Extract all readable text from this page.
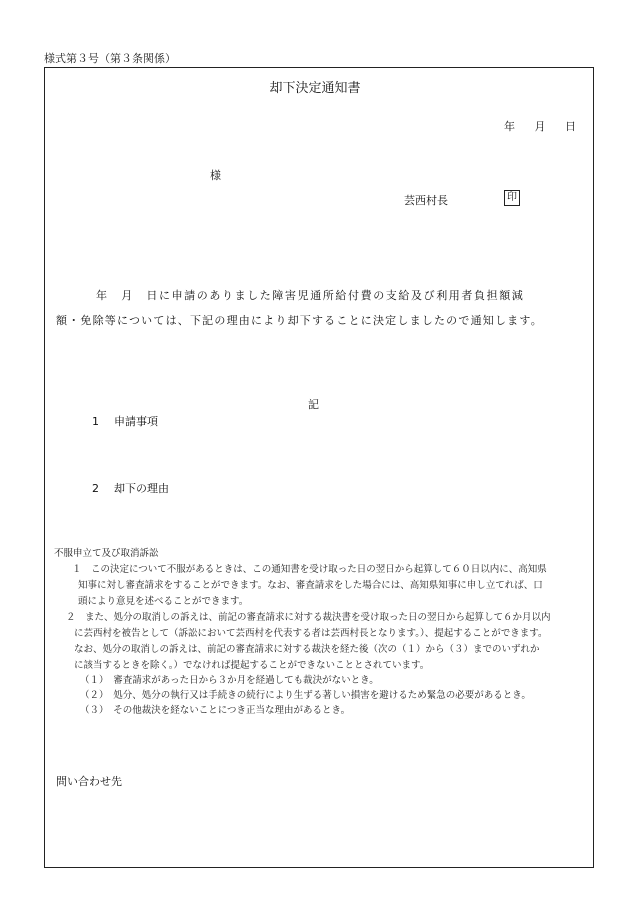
様式第３号（第３条関係）
却下決定通知書
年 月 日
様
芸西村長	印
年　月　日に申請のありました障害児通所給付費の支給及び利用者負担額減
額・免除等については、下記の理由により却下することに決定しましたので通知します。
記
1 申請事項
2 却下の理由
不服申立て及び取消訴訟
１　この決定について不服があるときは、この通知書を受け取った日の翌日から起算して６０日以内に、高知県
知事に対し審査請求をすることができます。なお、審査請求をした場合には、高知県知事に申し立てれば、口
頭により意見を述べることができます。
２　また、処分の取消しの訴えは、前記の審査請求に対する裁決書を受け取った日の翌日から起算して６か月以内
に芸西村を被告として（訴訟において芸西村を代表する者は芸西村長となります。）、提起することができます。
なお、処分の取消しの訴えは、前記の審査請求に対する裁決を経た後（次の（１）から（３）までのいずれか
に該当するときを除く。）でなければ提起することができないこととされています。
（１）　審査請求があった日から３か月を経過しても裁決がないとき。
（２）　処分、処分の執行又は手続きの続行により生ずる著しい損害を避けるため緊急の必要があるとき。
（３）　その他裁決を経ないことにつき正当な理由があるとき。
問い合わせ先
